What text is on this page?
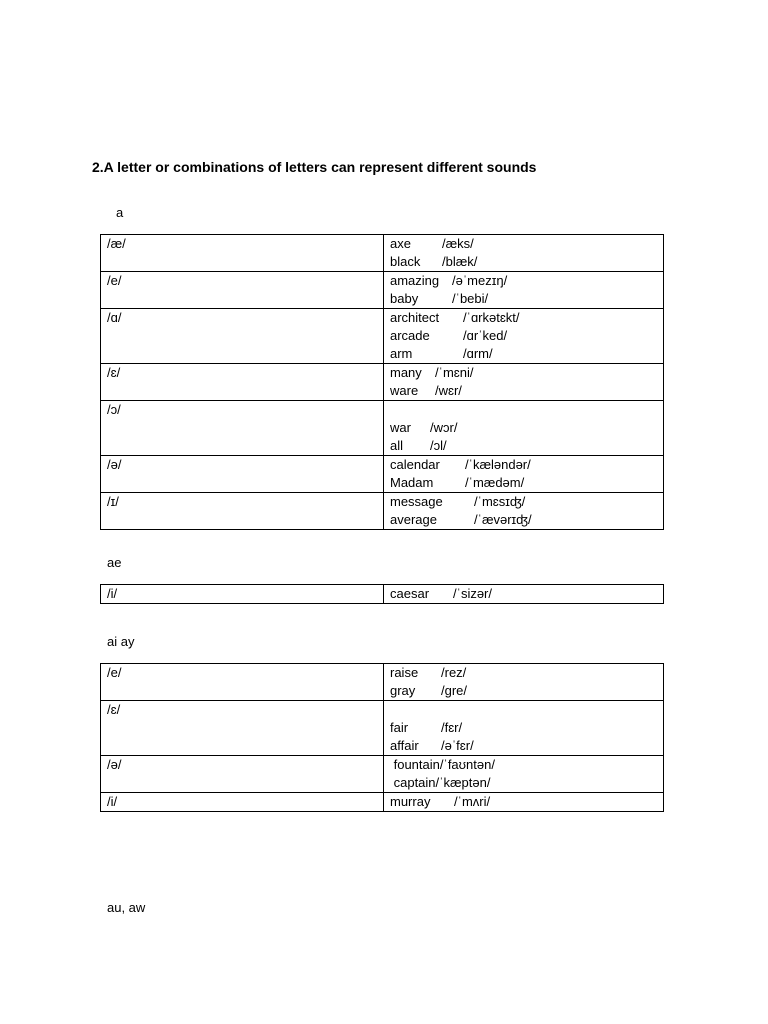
2.A letter or combinations of letters can represent different sounds
a
/æ/	axe /æks/
black /blæk/

/e/	amazing /əˈmezɪŋ/
baby /ˈbebi/

/ɑ/	architect /ˈɑrkətɛkt/
arcade /ɑrˈked/
arm /ɑrm/

/ɛ/	many /ˈmɛni/
ware /wɛr/

/ɔ/	war /wɔr/
all /ɔl/

/ə/	calendar /ˈkæləndər/
Madam /ˈmædəm/

/ɪ/	message /ˈmɛsɪʤ/
average /ˈævərɪʤ/
ae
/i/	caesar /ˈsizər/
ai ay
/e/	raise /rez/
gray /gre/

/ɛ/	fair /fɛr/
affair /əˈfɛr/

/ə/	fountain/ˈfaʊntən/
captain/ˈkæptən/

/i/	murray /ˈmʌri/
au, aw
